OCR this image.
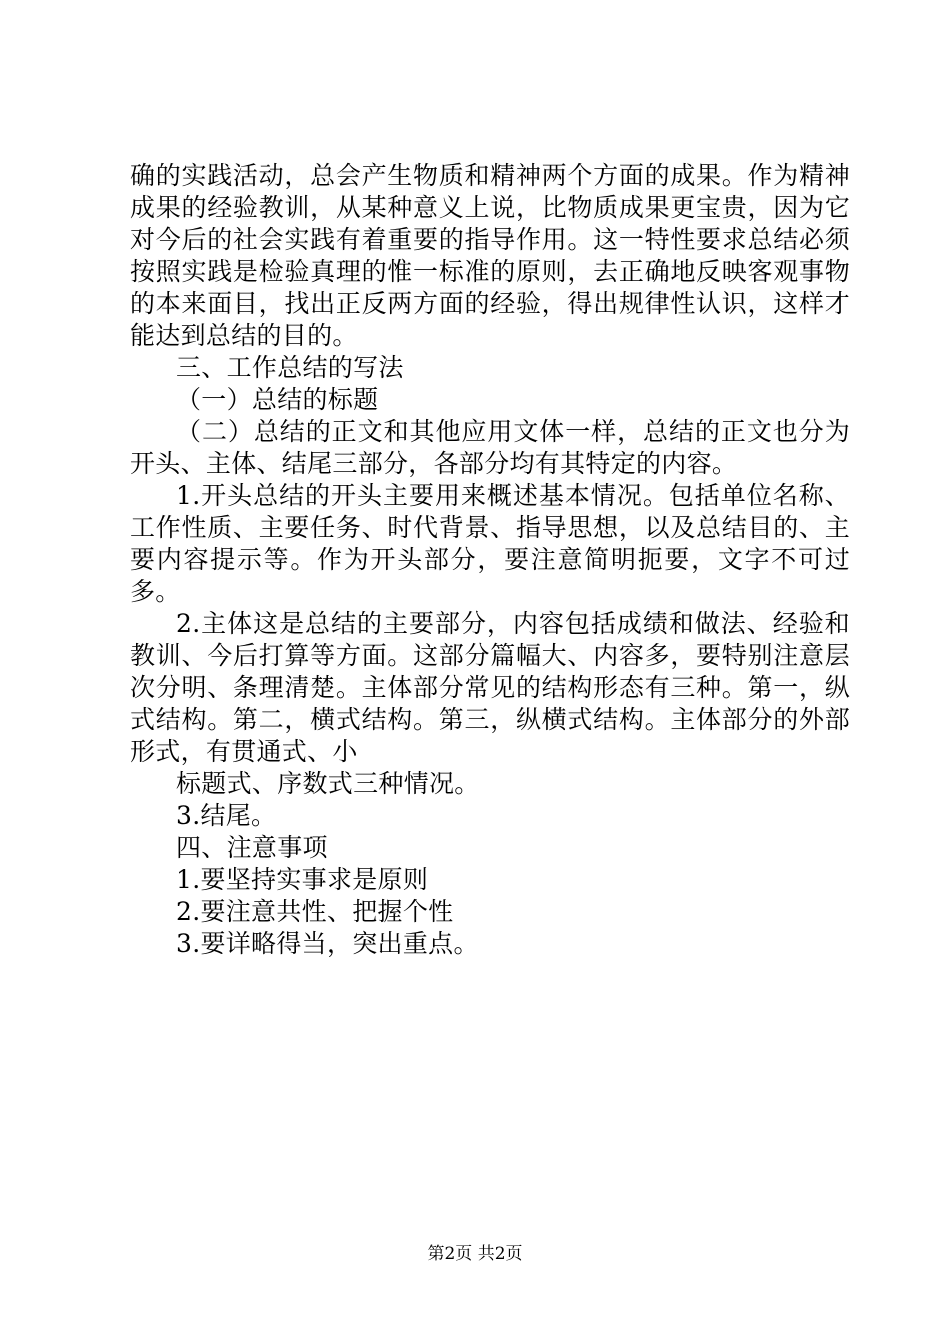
确的实践活动，总会产生物质和精神两个方面的成果。作为精神成果的经验教训，从某种意义上说，比物质成果更宝贵，因为它对今后的社会实践有着重要的指导作用。这一特性要求总结必须按照实践是检验真理的惟一标准的原则，去正确地反映客观事物的本来面目，找出正反两方面的经验，得出规律性认识，这样才能达到总结的目的。

三、工作总结的写法

（一）总结的标题

（二）总结的正文和其他应用文体一样，总结的正文也分为开头、主体、结尾三部分，各部分均有其特定的内容。

1.开头总结的开头主要用来概述基本情况。包括单位名称、工作性质、主要任务、时代背景、指导思想，以及总结目的、主要内容提示等。作为开头部分，要注意简明扼要，文字不可过多。

2.主体这是总结的主要部分，内容包括成绩和做法、经验和教训、今后打算等方面。这部分篇幅大、内容多，要特别注意层次分明、条理清楚。主体部分常见的结构形态有三种。第一，纵式结构。第二，横式结构。第三，纵横式结构。主体部分的外部形式，有贯通式、小

标题式、序数式三种情况。

3.结尾。

四、注意事项

1.要坚持实事求是原则

2.要注意共性、把握个性

3.要详略得当，突出重点。

第2页 共2页
